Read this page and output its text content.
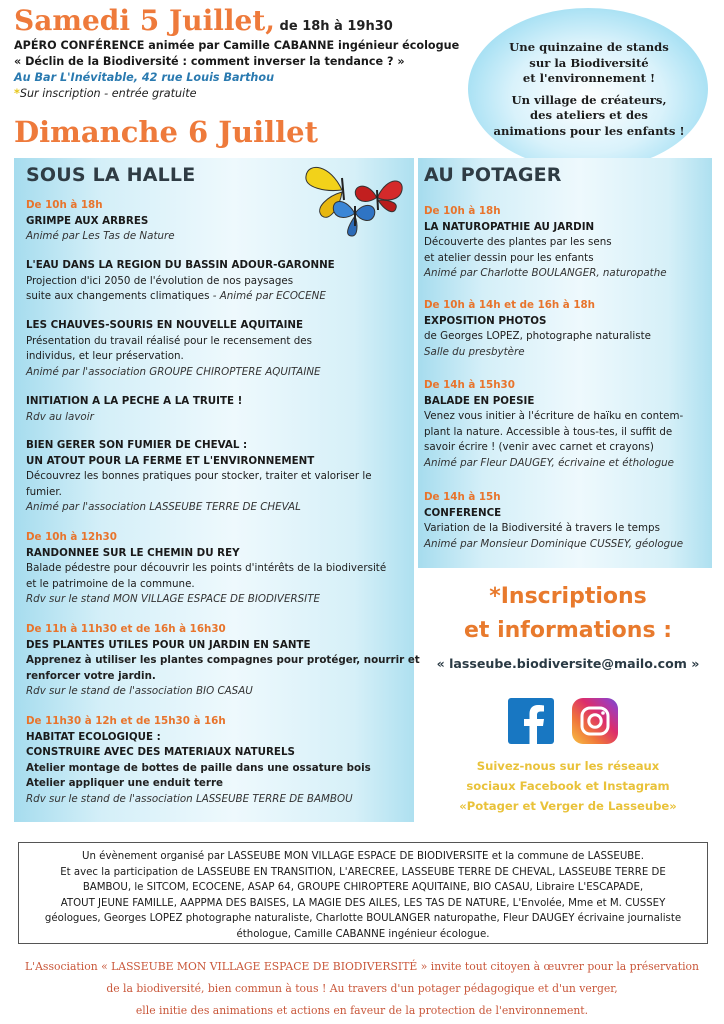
Samedi 5 Juillet, de 18h à 19h30
APÉRO CONFÉRENCE animée par Camille CABANNE ingénieur écologue
« Déclin de la Biodiversité : comment inverser la tendance ? »
Au Bar L'Inévitable, 42 rue Louis Barthou
*Sur inscription - entrée gratuite

Une quinzaine de stands
sur la Biodiversité
et l'environnement !

Un village de créateurs,
des ateliers et des
animations pour les enfants !

Dimanche 6 Juillet
SOUS LA HALLE
De 10h à 18h
GRIMPE AUX ARBRES
Animé par Les Tas de Nature
L'EAU DANS LA REGION DU BASSIN ADOUR-GARONNE
Projection d'ici 2050 de l'évolution de nos paysages
suite aux changements climatiques - Animé par ECOCENE
LES CHAUVES-SOURIS EN NOUVELLE AQUITAINE
Présentation du travail réalisé pour le recensement des
individus, et leur préservation.
Animé par l'association GROUPE CHIROPTERE AQUITAINE
INITIATION A LA PECHE A LA TRUITE !
Rdv au lavoir
BIEN GERER SON FUMIER DE CHEVAL :
UN ATOUT POUR LA FERME ET L'ENVIRONNEMENT
Découvrez les bonnes pratiques pour stocker, traiter et valoriser le
fumier.
Animé par l'association LASSEUBE TERRE DE CHEVAL
De 10h à 12h30
RANDONNEE SUR LE CHEMIN DU REY
Balade pédestre pour découvrir les points d'intérêts de la biodiversité
et le patrimoine de la commune.
Rdv sur le stand MON VILLAGE ESPACE DE BIODIVERSITE
De 11h à 11h30 et de 16h à 16h30
DES PLANTES UTILES POUR UN JARDIN EN SANTE
Apprenez à utiliser les plantes compagnes pour protéger, nourrir et
renforcer votre jardin.
Rdv sur le stand de l'association BIO CASAU
De 11h30 à 12h et de 15h30 à 16h
HABITAT ECOLOGIQUE :
CONSTRUIRE AVEC DES MATERIAUX NATURELS
Atelier montage de bottes de paille dans une ossature bois
Atelier appliquer une enduit terre
Rdv sur le stand de l'association LASSEUBE TERRE DE BAMBOU
AU POTAGER
De 10h à 18h
LA NATUROPATHIE AU JARDIN
Découverte des plantes par les sens
et atelier dessin pour les enfants
Animé par Charlotte BOULANGER, naturopathe
De 10h à 14h et de 16h à 18h
EXPOSITION PHOTOS
de Georges LOPEZ, photographe naturaliste
Salle du presbytère
De 14h à 15h30
BALADE EN POESIE
Venez vous initier à l'écriture de haïku en contem-
plant la nature. Accessible à tous-tes, il suffit de
savoir écrire ! (venir avec carnet et crayons)
Animé par Fleur DAUGEY, écrivaine et éthologue
De 14h à 15h
CONFERENCE
Variation de la Biodiversité à travers le temps
Animé par Monsieur Dominique CUSSEY, géologue
*Inscriptions
et informations :
« lasseube.biodiversite@mailo.com »
Suivez-nous sur les réseaux
sociaux Facebook et Instagram
«Potager et Verger de Lasseube»
Un évènement organisé par LASSEUBE MON VILLAGE ESPACE DE BIODIVERSITE et la commune de LASSEUBE.
Et avec la participation de LASSEUBE EN TRANSITION, L'ARECREE, LASSEUBE TERRE DE CHEVAL, LASSEUBE TERRE DE
BAMBOU, le SITCOM, ECOCENE, ASAP 64, GROUPE CHIROPTERE AQUITAINE, BIO CASAU, Libraire L'ESCAPADE,
ATOUT JEUNE FAMILLE, AAPPMA DES BAISES, LA MAGIE DES AILES, LES TAS DE NATURE, L'Envolée, Mme et M. CUSSEY
géologues, Georges LOPEZ photographe naturaliste, Charlotte BOULANGER naturopathe, Fleur DAUGEY écrivaine journaliste
éthologue, Camille CABANNE ingénieur écologue.
L'Association « LASSEUBE MON VILLAGE ESPACE DE BIODIVERSITÉ » invite tout citoyen à œuvrer pour la préservation
de la biodiversité, bien commun à tous ! Au travers d'un potager pédagogique et d'un verger,
elle initie des animations et actions en faveur de la protection de l'environnement.
